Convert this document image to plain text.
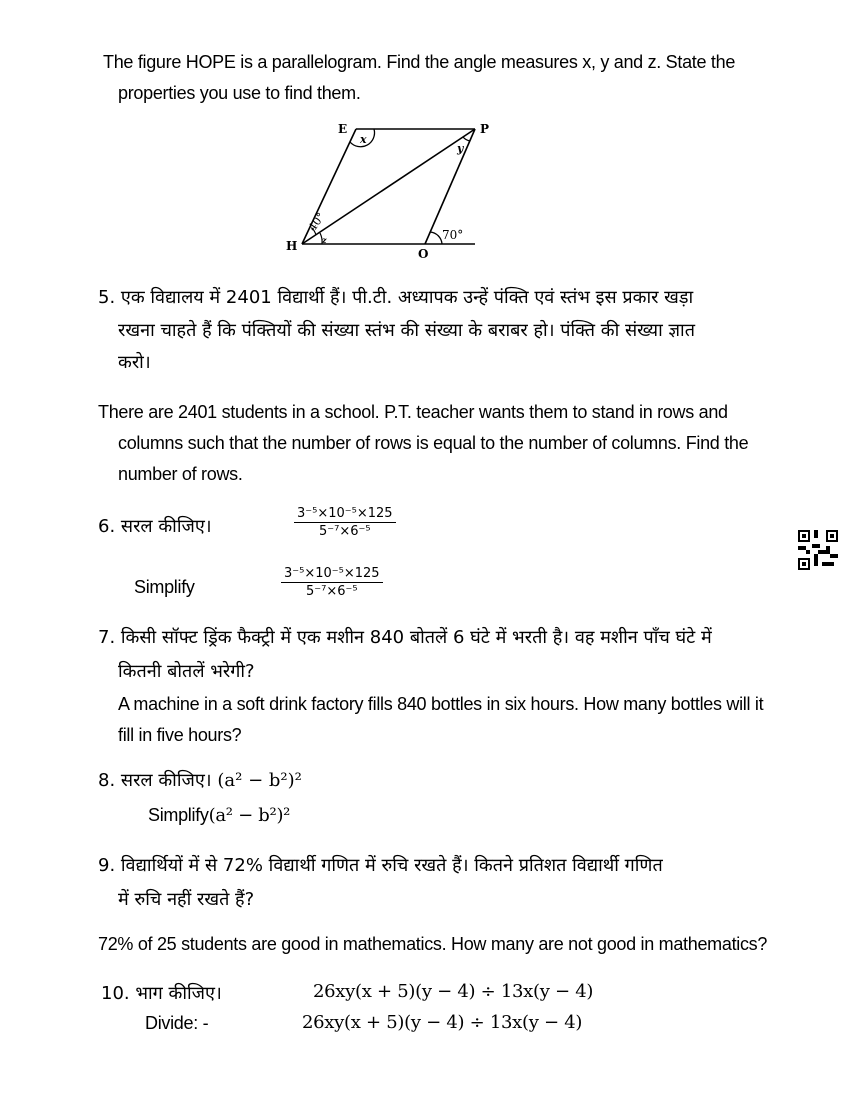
The figure HOPE is a parallelogram. Find the angle measures x, y and z. State the
properties you use to find them.
E	P
H
O
x
y
z
40°
70°
5. एक विद्यालय में 2401 विद्यार्थी हैं। पी.टी. अध्यापक उन्हें पंक्ति एवं स्तंभ इस प्रकार खड़ा
रखना चाहते हैं कि पंक्तियों की संख्या स्तंभ की संख्या के बराबर हो। पंक्ति की संख्या ज्ञात
करो।
There are 2401 students in a school. P.T. teacher wants them to stand in rows and
columns such that the number of rows is equal to the number of columns. Find the
number of rows.
6. सरल कीजिए।	$\frac{\text{3⁻⁵×10⁻⁵×125}}{\text{5⁻⁷×6⁻⁵}}$
Simplify	$\frac{\text{3⁻⁵×10⁻⁵×125}}{\text{5⁻⁷×6⁻⁵}}$
7. किसी सॉफ्ट ड्रिंक फैक्ट्री में एक मशीन 840 बोतलें 6 घंटे में भरती है। वह मशीन पाँच घंटे में
कितनी बोतलें भरेगी?
A machine in a soft drink factory fills 840 bottles in six hours. How many bottles will it
fill in five hours?
8. सरल कीजिए। (a² − b²)²
Simplify(a² − b²)²
9. विद्यार्थियों में से 72% विद्यार्थी गणित में रुचि रखते हैं। कितने प्रतिशत विद्यार्थी गणित
में रुचि नहीं रखते हैं?
72% of 25 students are good in mathematics. How many are not good in mathematics?
10. भाग कीजिए।	26xy(x + 5)(y − 4) ÷ 13x(y − 4)
Divide: -	26xy(x + 5)(y − 4) ÷ 13x(y − 4)
